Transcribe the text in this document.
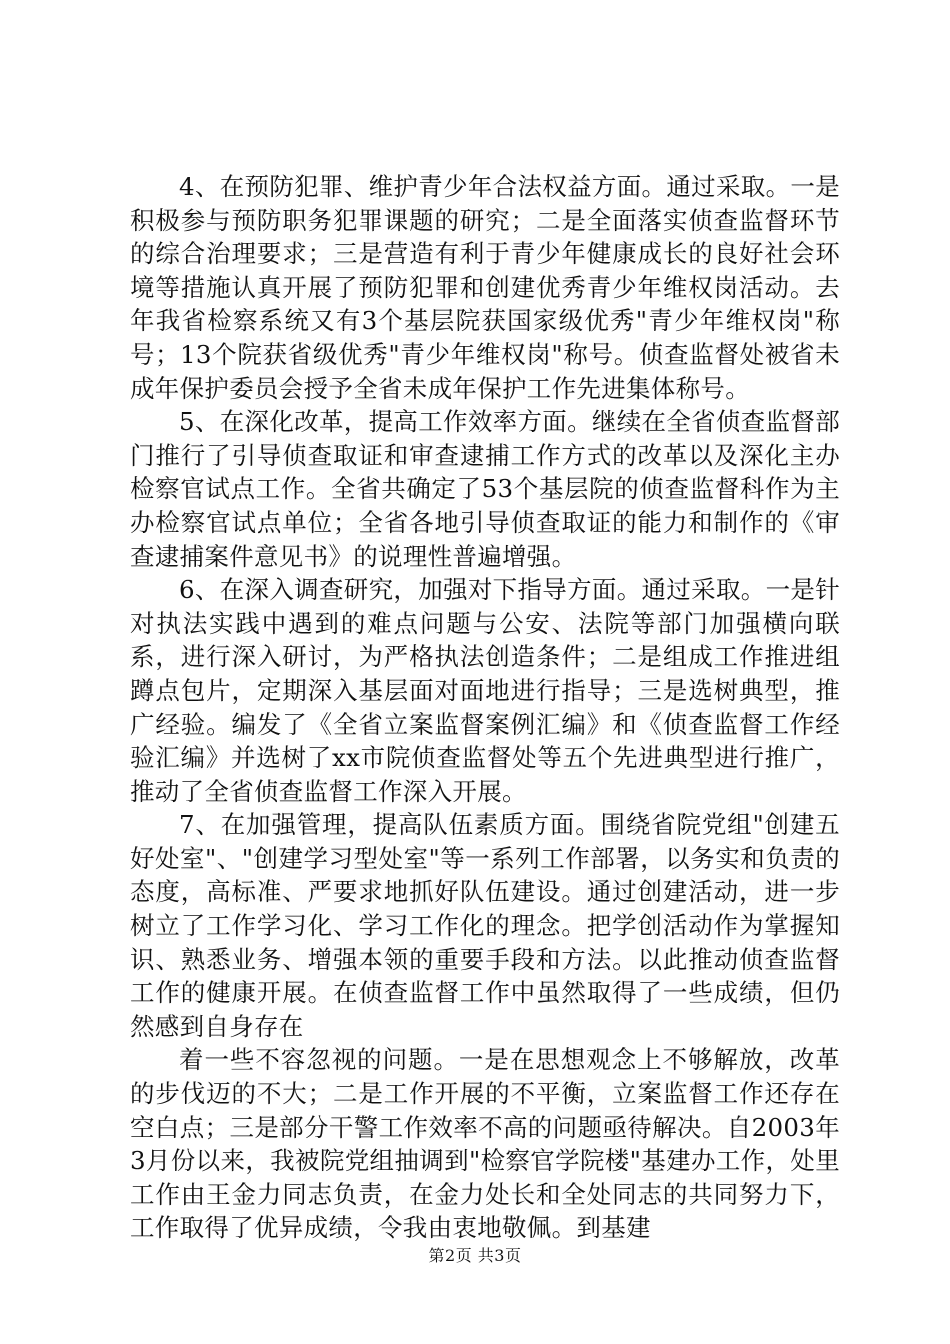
4、在预防犯罪、维护青少年合法权益方面。通过采取。一是积极参与预防职务犯罪课题的研究；二是全面落实侦查监督环节的综合治理要求；三是营造有利于青少年健康成长的良好社会环境等措施认真开展了预防犯罪和创建优秀青少年维权岗活动。去年我省检察系统又有3个基层院获国家级优秀"青少年维权岗"称号；13个院获省级优秀"青少年维权岗"称号。侦查监督处被省未成年保护委员会授予全省未成年保护工作先进集体称号。

5、在深化改革，提高工作效率方面。继续在全省侦查监督部门推行了引导侦查取证和审查逮捕工作方式的改革以及深化主办检察官试点工作。全省共确定了53个基层院的侦查监督科作为主办检察官试点单位；全省各地引导侦查取证的能力和制作的《审查逮捕案件意见书》的说理性普遍增强。

6、在深入调查研究，加强对下指导方面。通过采取。一是针对执法实践中遇到的难点问题与公安、法院等部门加强横向联系，进行深入研讨，为严格执法创造条件；二是组成工作推进组蹲点包片，定期深入基层面对面地进行指导；三是选树典型，推广经验。编发了《全省立案监督案例汇编》和《侦查监督工作经验汇编》并选树了xx市院侦查监督处等五个先进典型进行推广，推动了全省侦查监督工作深入开展。

7、在加强管理，提高队伍素质方面。围绕省院党组"创建五好处室"、"创建学习型处室"等一系列工作部署，以务实和负责的态度，高标准、严要求地抓好队伍建设。通过创建活动，进一步树立了工作学习化、学习工作化的理念。把学创活动作为掌握知识、熟悉业务、增强本领的重要手段和方法。以此推动侦查监督工作的健康开展。在侦查监督工作中虽然取得了一些成绩，但仍然感到自身存在

着一些不容忽视的问题。一是在思想观念上不够解放，改革的步伐迈的不大；二是工作开展的不平衡，立案监督工作还存在空白点；三是部分干警工作效率不高的问题亟待解决。自2003年3月份以来，我被院党组抽调到"检察官学院楼"基建办工作，处里工作由王金力同志负责，在金力处长和全处同志的共同努力下，工作取得了优异成绩，令我由衷地敬佩。到基建

第2页 共3页
